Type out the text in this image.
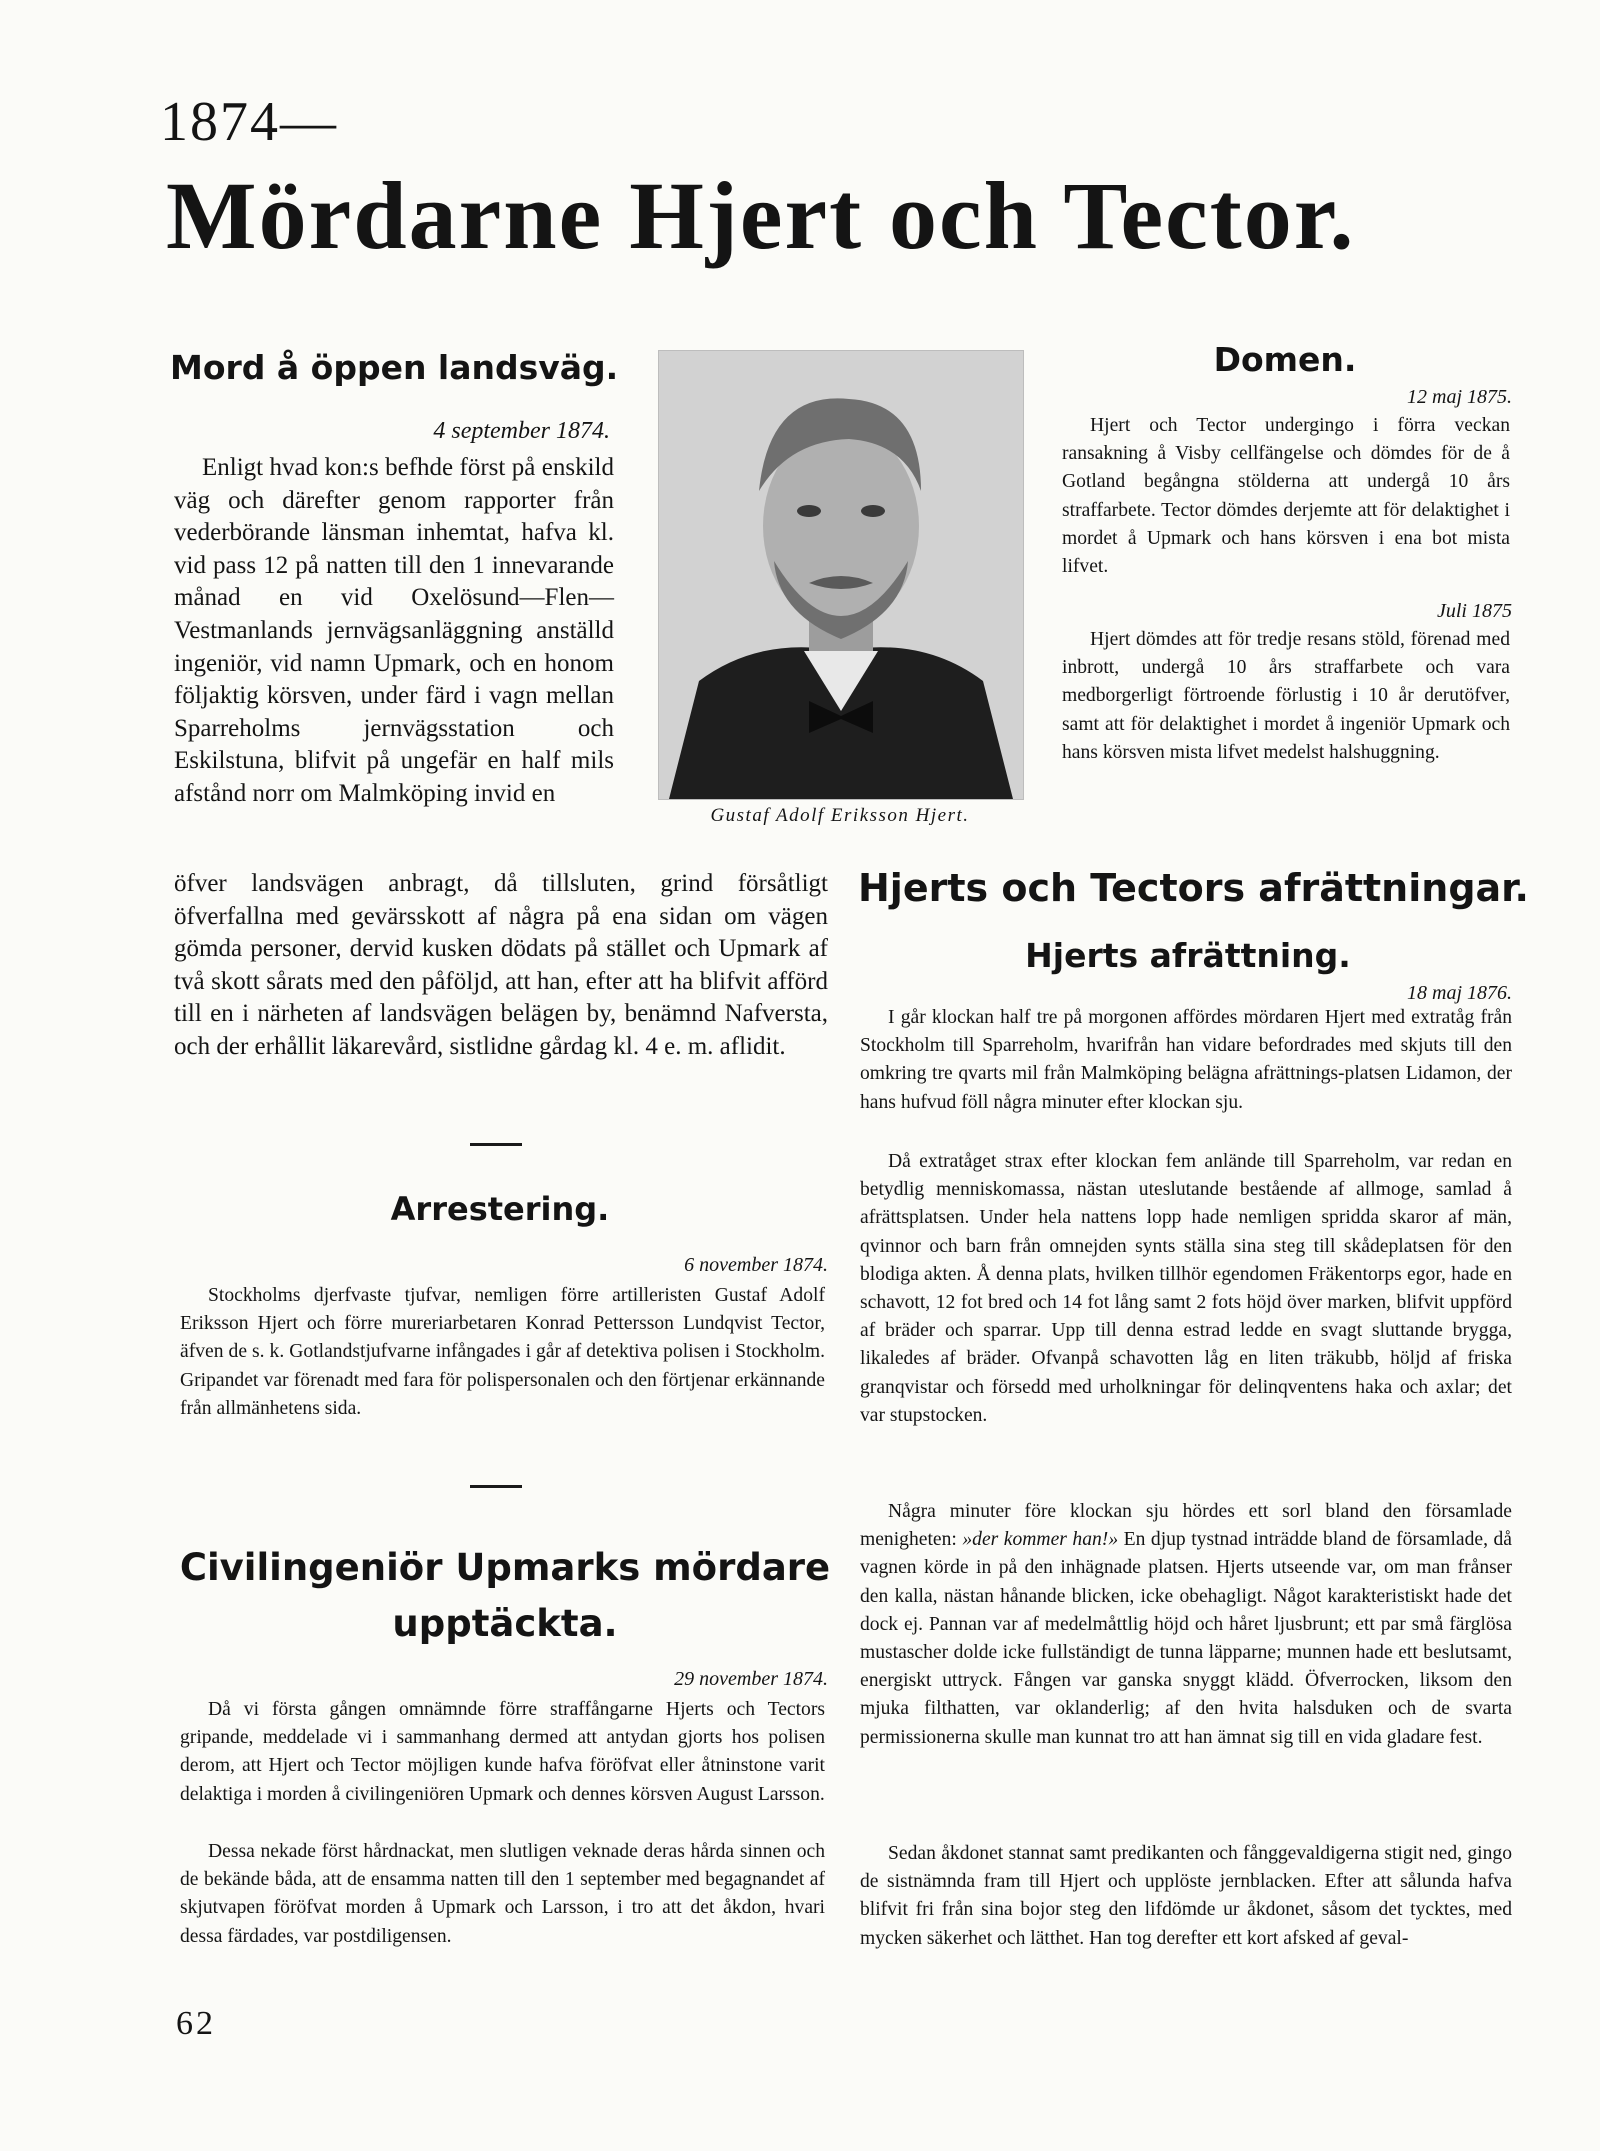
1874—
Mördarne Hjert och Tector.
Mord å öppen landsväg.
4 september 1874.

Enligt hvad kon:s befhde först på enskild väg och därefter genom rapporter från vederbörande länsman inhemtat, hafva kl. vid pass 12 på natten till den 1 innevarande månad en vid Oxelösund—Flen—Vestmanlands jernvägsanläggning anställd ingeniör, vid namn Upmark, och en honom följaktig körsven, under färd i vagn mellan Sparreholms jernvägsstation och Eskilstuna, blifvit på ungefär en half mils afstånd norr om Malmköping invid en

öfver landsvägen anbragt, då tillsluten, grind försåtligt öfverfallna med gevärsskott af några på ena sidan om vägen gömda personer, dervid kusken dödats på stället och Upmark af två skott sårats med den påföljd, att han, efter att ha blifvit afförd till en i närheten af landsvägen belägen by, benämnd Nafversta, och der erhållit läkarevård, sistlidne gårdag kl. 4 e. m. aflidit.

Gustaf Adolf Eriksson Hjert.
Arrestering.
6 november 1874.

Stockholms djerfvaste tjufvar, nemligen förre artilleristen Gustaf Adolf Eriksson Hjert och förre mureriarbetaren Konrad Pettersson Lundqvist Tector, äfven de s. k. Gotlandstjufvarne infångades i går af detektiva polisen i Stockholm. Gripandet var förenadt med fara för polispersonalen och den förtjenar erkännande från allmänhetens sida.

Civilingeniör Upmarks mördare
upptäckta.
29 november 1874.

Då vi första gången omnämnde förre straffångarne Hjerts och Tectors gripande, meddelade vi i sammanhang dermed att antydan gjorts hos polisen derom, att Hjert och Tector möjligen kunde hafva föröfvat eller åtninstone varit delaktiga i morden å civilingeniören Upmark och dennes körsven August Larsson.

Dessa nekade först hårdnackat, men slutligen veknade deras hårda sinnen och de bekände båda, att de ensamma natten till den 1 september med begagnandet af skjutvapen föröfvat morden å Upmark och Larsson, i tro att det åkdon, hvari dessa färdades, var postdiligensen.

Domen.
12 maj 1875.

Hjert och Tector undergingo i förra veckan ransakning å Visby cellfängelse och dömdes för de å Gotland begångna stölderna att undergå 10 års straffarbete. Tector dömdes derjemte att för delaktighet i mordet å Upmark och hans körsven i ena bot mista lifvet.

Juli 1875

Hjert dömdes att för tredje resans stöld, förenad med inbrott, undergå 10 års straffarbete och vara medborgerligt förtroende förlustig i 10 år derutöfver, samt att för delaktighet i mordet å ingeniör Upmark och hans körsven mista lifvet medelst halshuggning.

Hjerts och Tectors afrättningar.
Hjerts afrättning.
18 maj 1876.

I går klockan half tre på morgonen affördes mördaren Hjert med extratåg från Stockholm till Sparreholm, hvarifrån han vidare befordrades med skjuts till den omkring tre qvarts mil från Malmköping belägna afrättnings-platsen Lidamon, der hans hufvud föll några minuter efter klockan sju.

Då extratåget strax efter klockan fem anlände till Sparreholm, var redan en betydlig menniskomassa, nästan uteslutande bestående af allmoge, samlad å afrättsplatsen. Under hela nattens lopp hade nemligen spridda skaror af män, qvinnor och barn från omnejden synts ställa sina steg till skådeplatsen för den blodiga akten. Å denna plats, hvilken tillhör egendomen Fräkentorps egor, hade en schavott, 12 fot bred och 14 fot lång samt 2 fots höjd över marken, blifvit uppförd af bräder och sparrar. Upp till denna estrad ledde en svagt sluttande brygga, likaledes af bräder. Ofvanpå schavotten låg en liten träkubb, höljd af friska granqvistar och försedd med urholkningar för delinqventens haka och axlar; det var stupstocken.

Några minuter före klockan sju hördes ett sorl bland den församlade menigheten: »der kommer han!» En djup tystnad inträdde bland de församlade, då vagnen körde in på den inhägnade platsen. Hjerts utseende var, om man frånser den kalla, nästan hånande blicken, icke obehagligt. Något karakteristiskt hade det dock ej. Pannan var af medelmåttlig höjd och håret ljusbrunt; ett par små färglösa mustascher dolde icke fullständigt de tunna läpparne; munnen hade ett beslutsamt, energiskt uttryck. Fången var ganska snyggt klädd. Öfverrocken, liksom den mjuka filthatten, var oklanderlig; af den hvita halsduken och de svarta permissionerna skulle man kunnat tro att han ämnat sig till en vida gladare fest.

Sedan åkdonet stannat samt predikanten och fånggevaldigerna stigit ned, gingo de sistnämnda fram till Hjert och upplöste jernblacken. Efter att sålunda hafva blifvit fri från sina bojor steg den lifdömde ur åkdonet, såsom det tycktes, med mycken säkerhet och lätthet. Han tog derefter ett kort afsked af geval-

62
